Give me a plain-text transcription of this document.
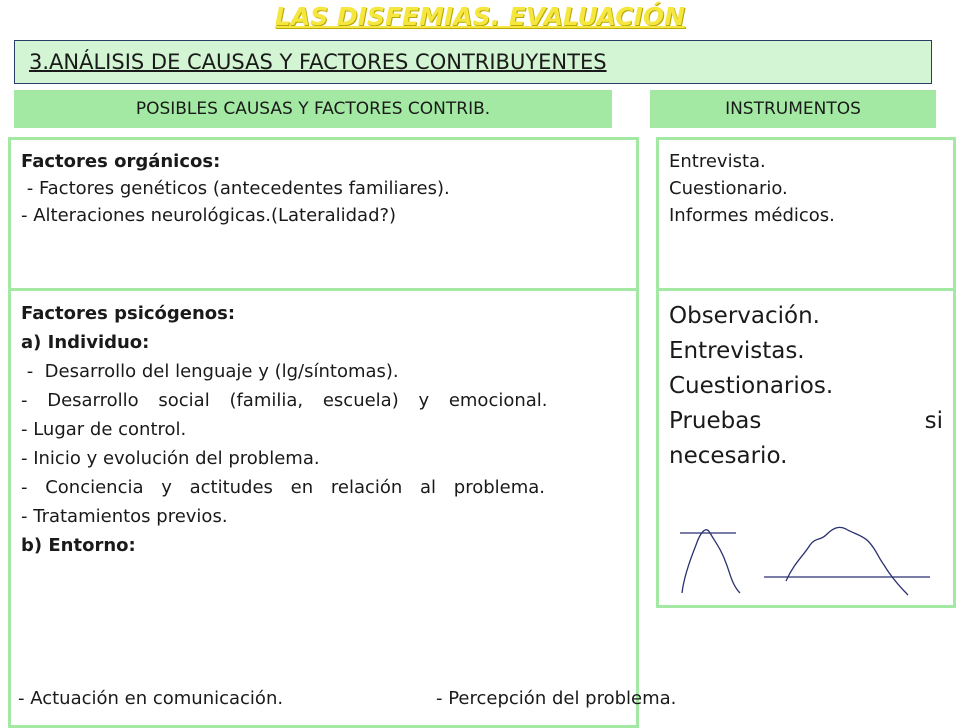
LAS DISFEMIAS. EVALUACIÓN
3.ANÁLISIS DE CAUSAS Y FACTORES CONTRIBUYENTES
POSIBLES CAUSAS Y FACTORES CONTRIB.	INSTRUMENTOS
Factores orgánicos:
- Factores genéticos (antecedentes familiares).
- Alteraciones neurológicas.(Lateralidad?)
Factores psicógenos:
a) Individuo:
-  Desarrollo del lenguaje y (lg/síntomas).
- Desarrollo social (familia, escuela) y emocional.
- Lugar de control.
- Inicio y evolución del problema.
- Conciencia y actitudes en relación al problema.
- Tratamientos previos.
b) Entorno:
- Actuación en comunicación.	- Percepción del problema.
Entrevista.
Cuestionario.
Informes médicos.
Observación.
Entrevistas.
Cuestionarios.
Pruebas si necesario.
